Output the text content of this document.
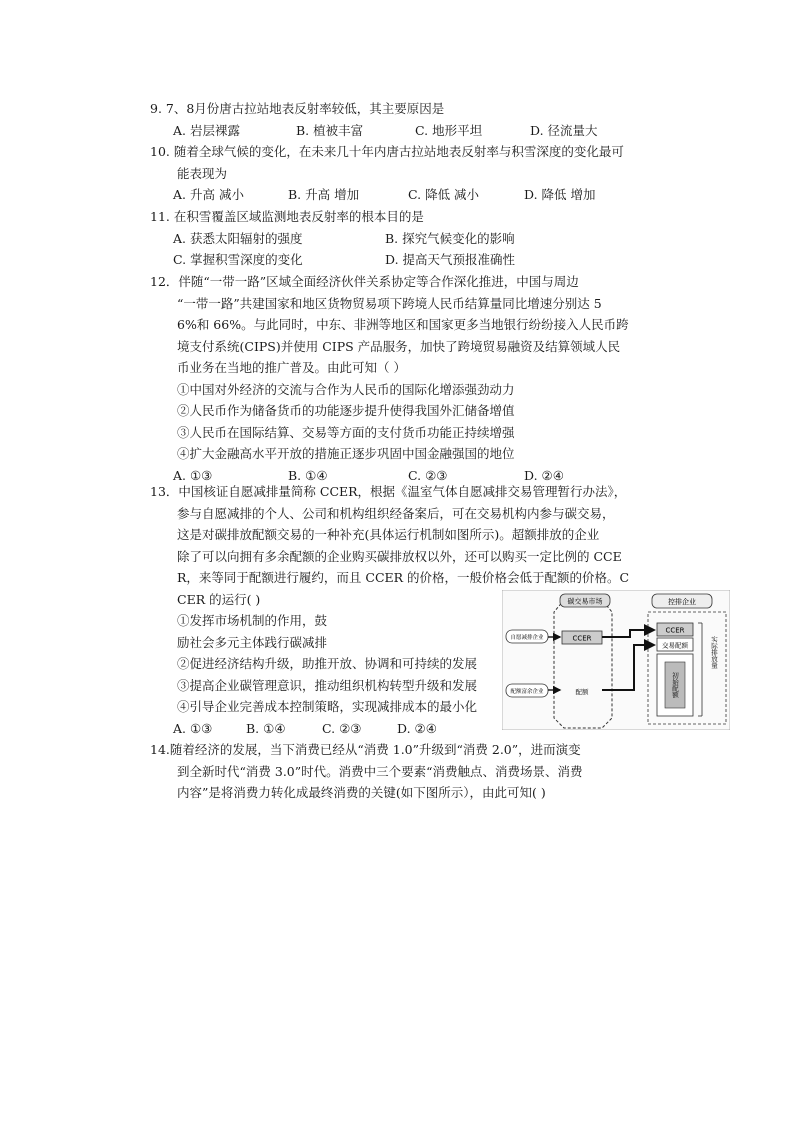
9. 7、8月份唐古拉站地表反射率较低，其主要原因是
A. 岩层裸露	B. 植被丰富	C. 地形平坦	D. 径流量大
10. 随着全球气候的变化，在未来几十年内唐古拉站地表反射率与积雪深度的变化最可
能表现为
A. 升高 减小	B. 升高 增加	C. 降低 减小	D. 降低 增加
11. 在积雪覆盖区域监测地表反射率的根本目的是
A. 获悉太阳辐射的强度	B. 探究气候变化的影响
C. 掌握积雪深度的变化	D. 提高天气预报准确性
12．伴随“一带一路”区域全面经济伙伴关系协定等合作深化推进，中国与周边
“一带一路”共建国家和地区货物贸易项下跨境人民币结算量同比增速分别达 5
6%和 66%。与此同时，中东、非洲等地区和国家更多当地银行纷纷接入人民币跨
境支付系统(CIPS)并使用 CIPS 产品服务，加快了跨境贸易融资及结算领域人民
币业务在当地的推广普及。由此可知（ ）
①中国对外经济的交流与合作为人民币的国际化增添强劲动力
②人民币作为储备货币的功能逐步提升使得我国外汇储备增值
③人民币在国际结算、交易等方面的支付货币功能正持续增强
④扩大金融高水平开放的措施正逐步巩固中国金融强国的地位
A. ①③	B. ①④	C. ②③	D. ②④
13．中国核证自愿减排量简称 CCER，根据《温室气体自愿减排交易管理暂行办法》，
参与自愿减排的个人、公司和机构组织经备案后，可在交易机构内参与碳交易，
这是对碳排放配额交易的一种补充(具体运行机制如图所示)。超额排放的企业
除了可以向拥有多余配额的企业购买碳排放权以外，还可以购买一定比例的 CCE
R，来等同于配额进行履约，而且 CCER 的价格，一般价格会低于配额的价格。C
CER 的运行( )
①发挥市场机制的作用，鼓
励社会多元主体践行碳减排
②促进经济结构升级，助推开放、协调和可持续的发展
③提高企业碳管理意识，推动组织机构转型升级和发展
④引导企业完善成本控制策略，实现减排成本的最小化
A. ①③	B. ①④	C. ②③	D. ②④
碳交易市场	控排企业
自愿减排企业
配额富余企业
CCER
配额
CCER
交易配额
初始配额
实际排放量
14.随着经济的发展，当下消费已经从“消费 1.0”升级到“消费 2.0”，进而演变
到全新时代“消费 3.0”时代。消费中三个要素“消费触点、消费场景、消费
内容”是将消费力转化成最终消费的关键(如下图所示），由此可知( )
